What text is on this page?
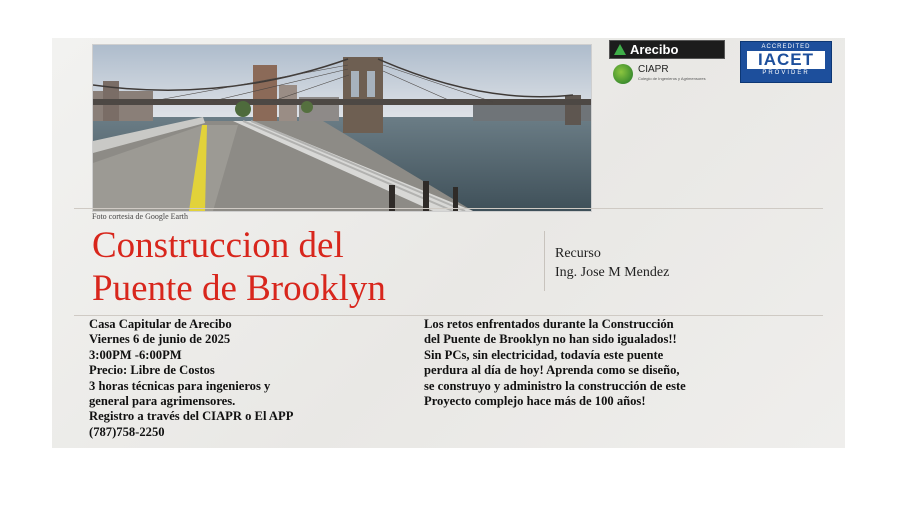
Foto cortesia de Google Earth
Arecibo
CIAPR
Colegio de Ingenieros y Agrimensores
ACCREDITED
IACET
PROVIDER
Construccion del
Puente de Brooklyn
Recurso
Ing. Jose M Mendez
Casa Capitular de Arecibo
Viernes 6 de junio de 2025
3:00PM -6:00PM
Precio: Libre de Costos
3 horas técnicas para ingenieros y
general para agrimensores.
Registro a través del CIAPR o El APP
(787)758-2250
Los retos enfrentados durante la Construcción
del Puente de Brooklyn no han sido igualados!!
Sin PCs, sin electricidad, todavía este puente
perdura al día de hoy! Aprenda como se diseño,
se construyo y administro la construcción de este
Proyecto complejo hace más de 100 años!
